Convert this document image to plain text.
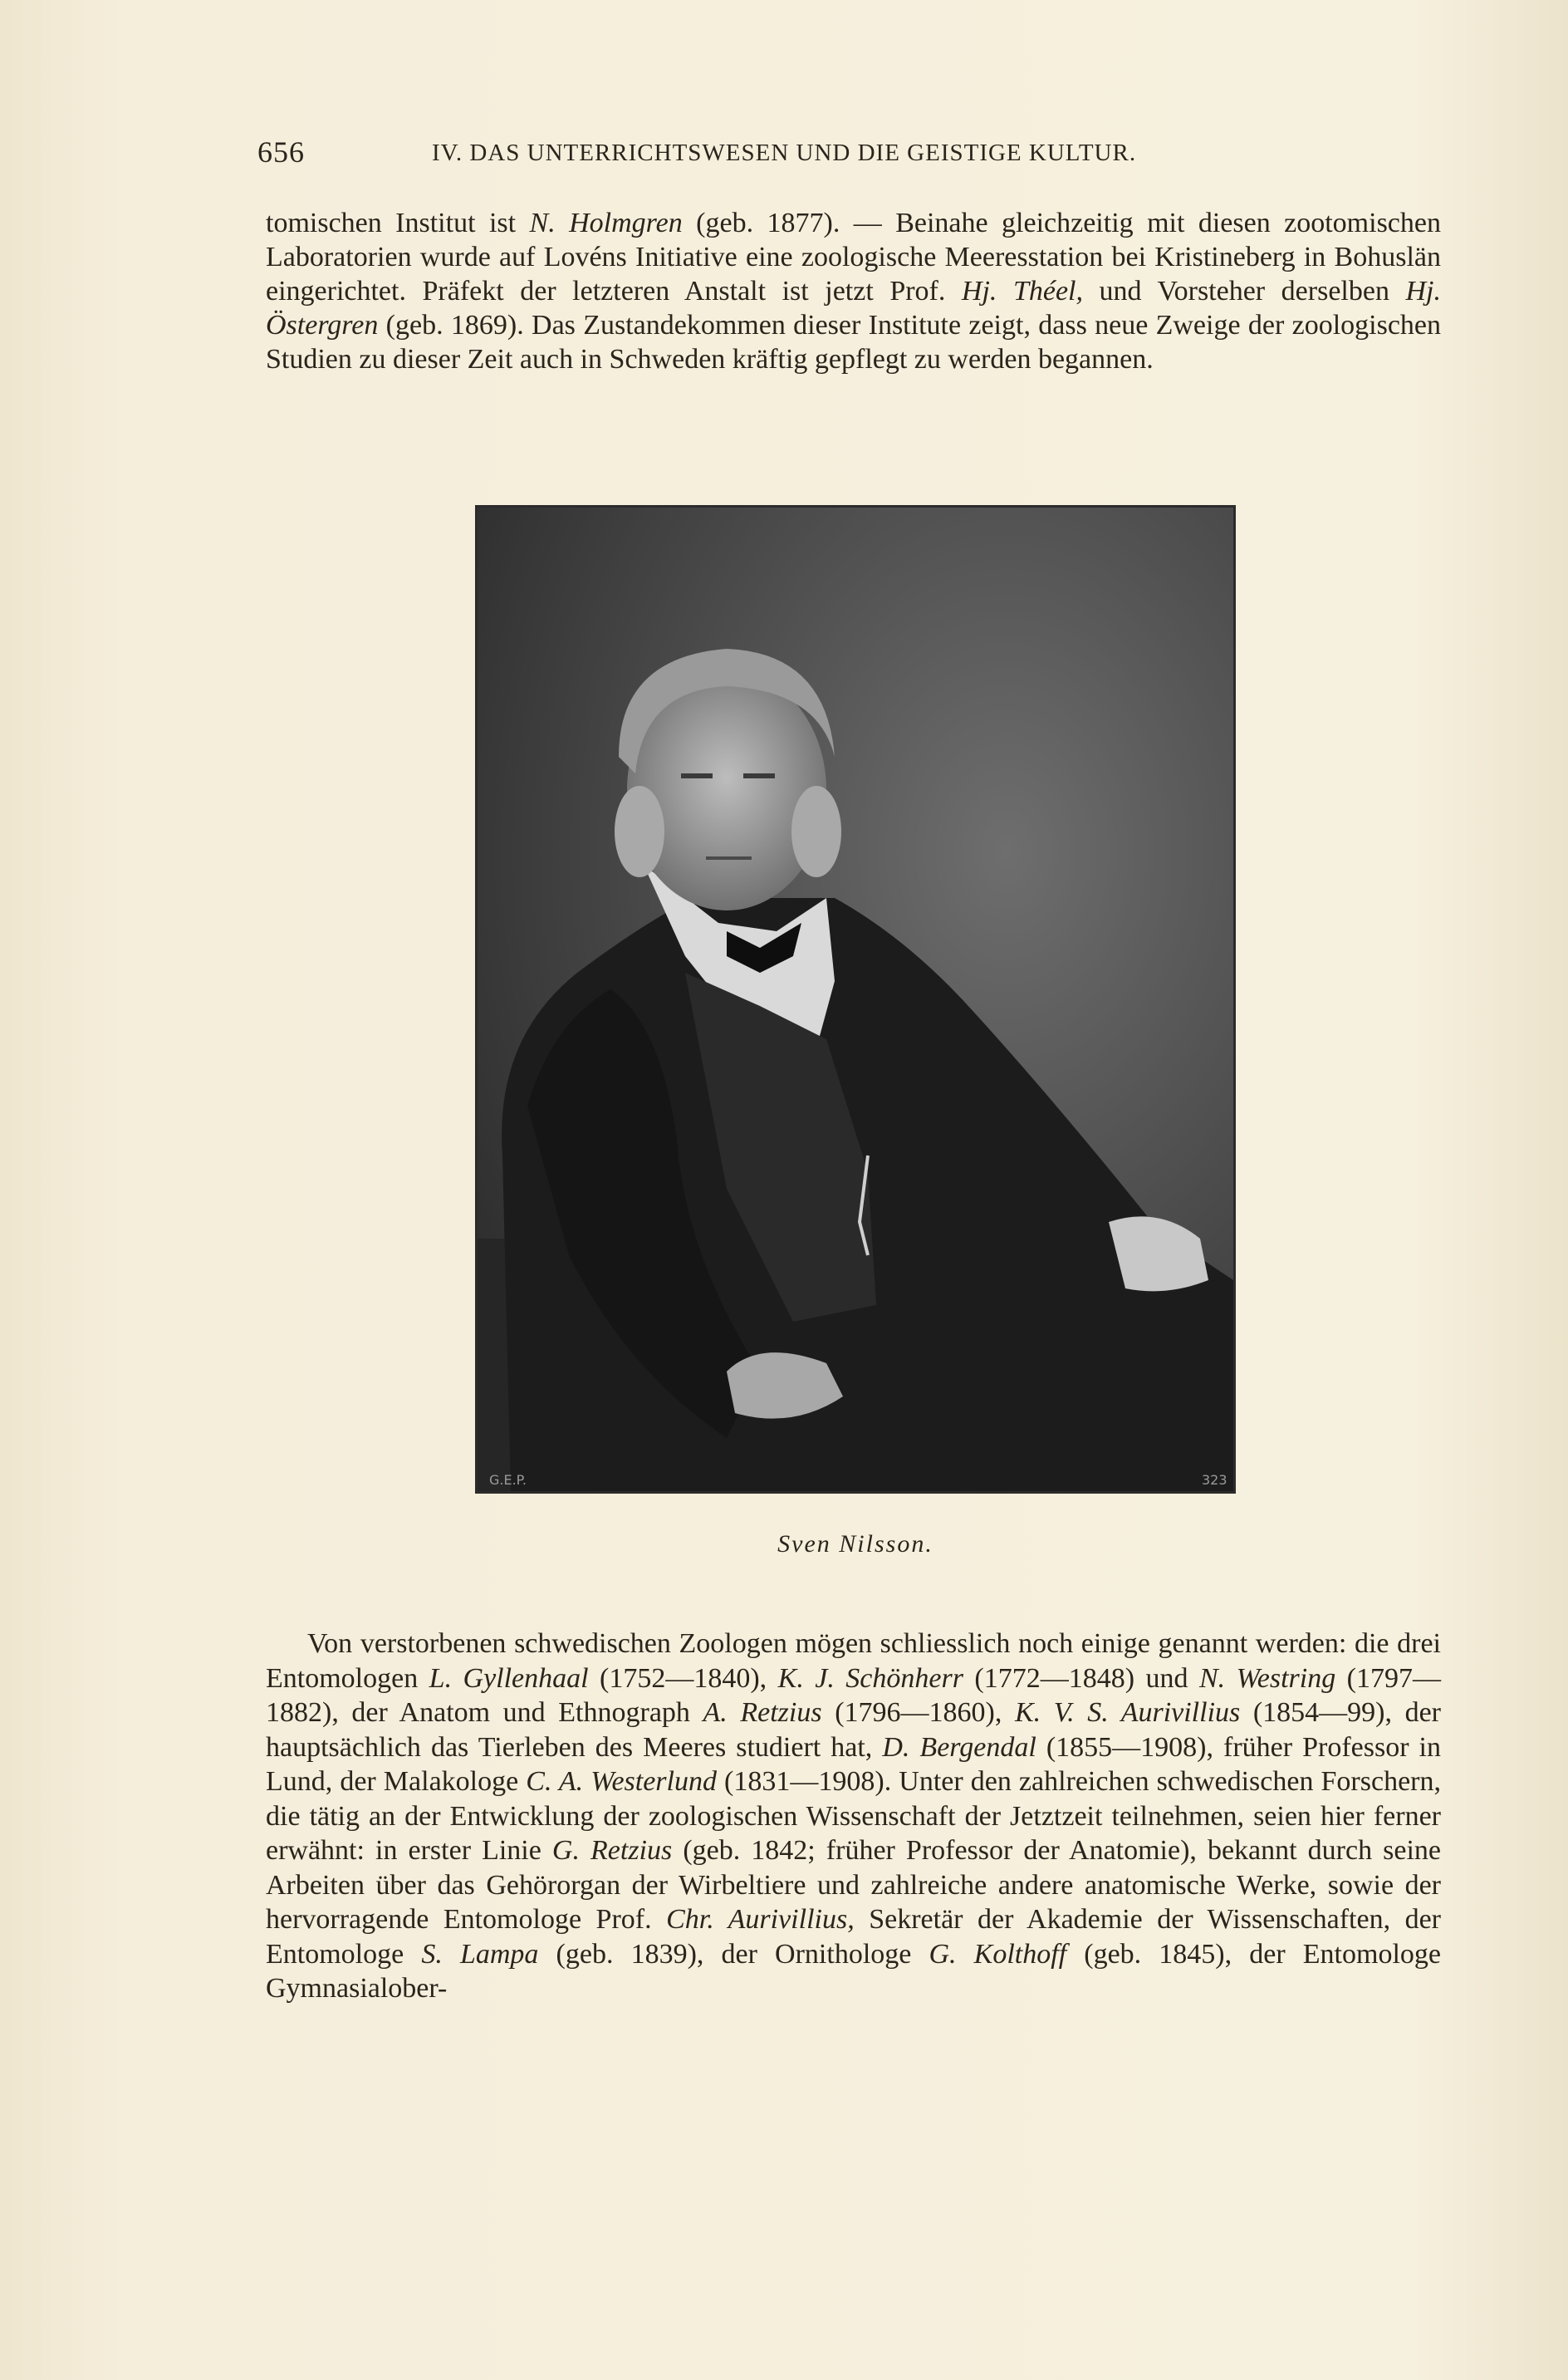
656	IV. DAS UNTERRICHTSWESEN UND DIE GEISTIGE KULTUR.

tomischen Institut ist N. Holmgren (geb. 1877). — Beinahe gleichzeitig mit diesen zootomischen Laboratorien wurde auf Lovéns Initiative eine zoologische Meeresstation bei Kristineberg in Bohuslän eingerichtet. Präfekt der letzteren Anstalt ist jetzt Prof. Hj. Théel, und Vorsteher derselben Hj. Östergren (geb. 1869). Das Zustandekommen dieser Institute zeigt, dass neue Zweige der zoologischen Studien zu dieser Zeit auch in Schweden kräftig gepflegt zu werden begannen.

G.E.P.	323
Sven Nilsson.

Von verstorbenen schwedischen Zoologen mögen schliesslich noch einige genannt werden: die drei Entomologen L. Gyllenhaal (1752—1840), K. J. Schönherr (1772—1848) und N. Westring (1797—1882), der Anatom und Ethnograph A. Retzius (1796—1860), K. V. S. Aurivillius (1854—99), der hauptsächlich das Tierleben des Meeres studiert hat, D. Bergendal (1855—1908), früher Professor in Lund, der Malakologe C. A. Westerlund (1831—1908). Unter den zahlreichen schwedischen Forschern, die tätig an der Entwicklung der zoologischen Wissenschaft der Jetztzeit teilnehmen, seien hier ferner erwähnt: in erster Linie G. Retzius (geb. 1842; früher Professor der Anatomie), bekannt durch seine Arbeiten über das Gehörorgan der Wirbeltiere und zahlreiche andere anatomische Werke, sowie der hervorragende Entomologe Prof. Chr. Aurivillius, Sekretär der Akademie der Wissenschaften, der Entomologe S. Lampa (geb. 1839), der Ornithologe G. Kolthoff (geb. 1845), der Entomologe Gymnasialober-
